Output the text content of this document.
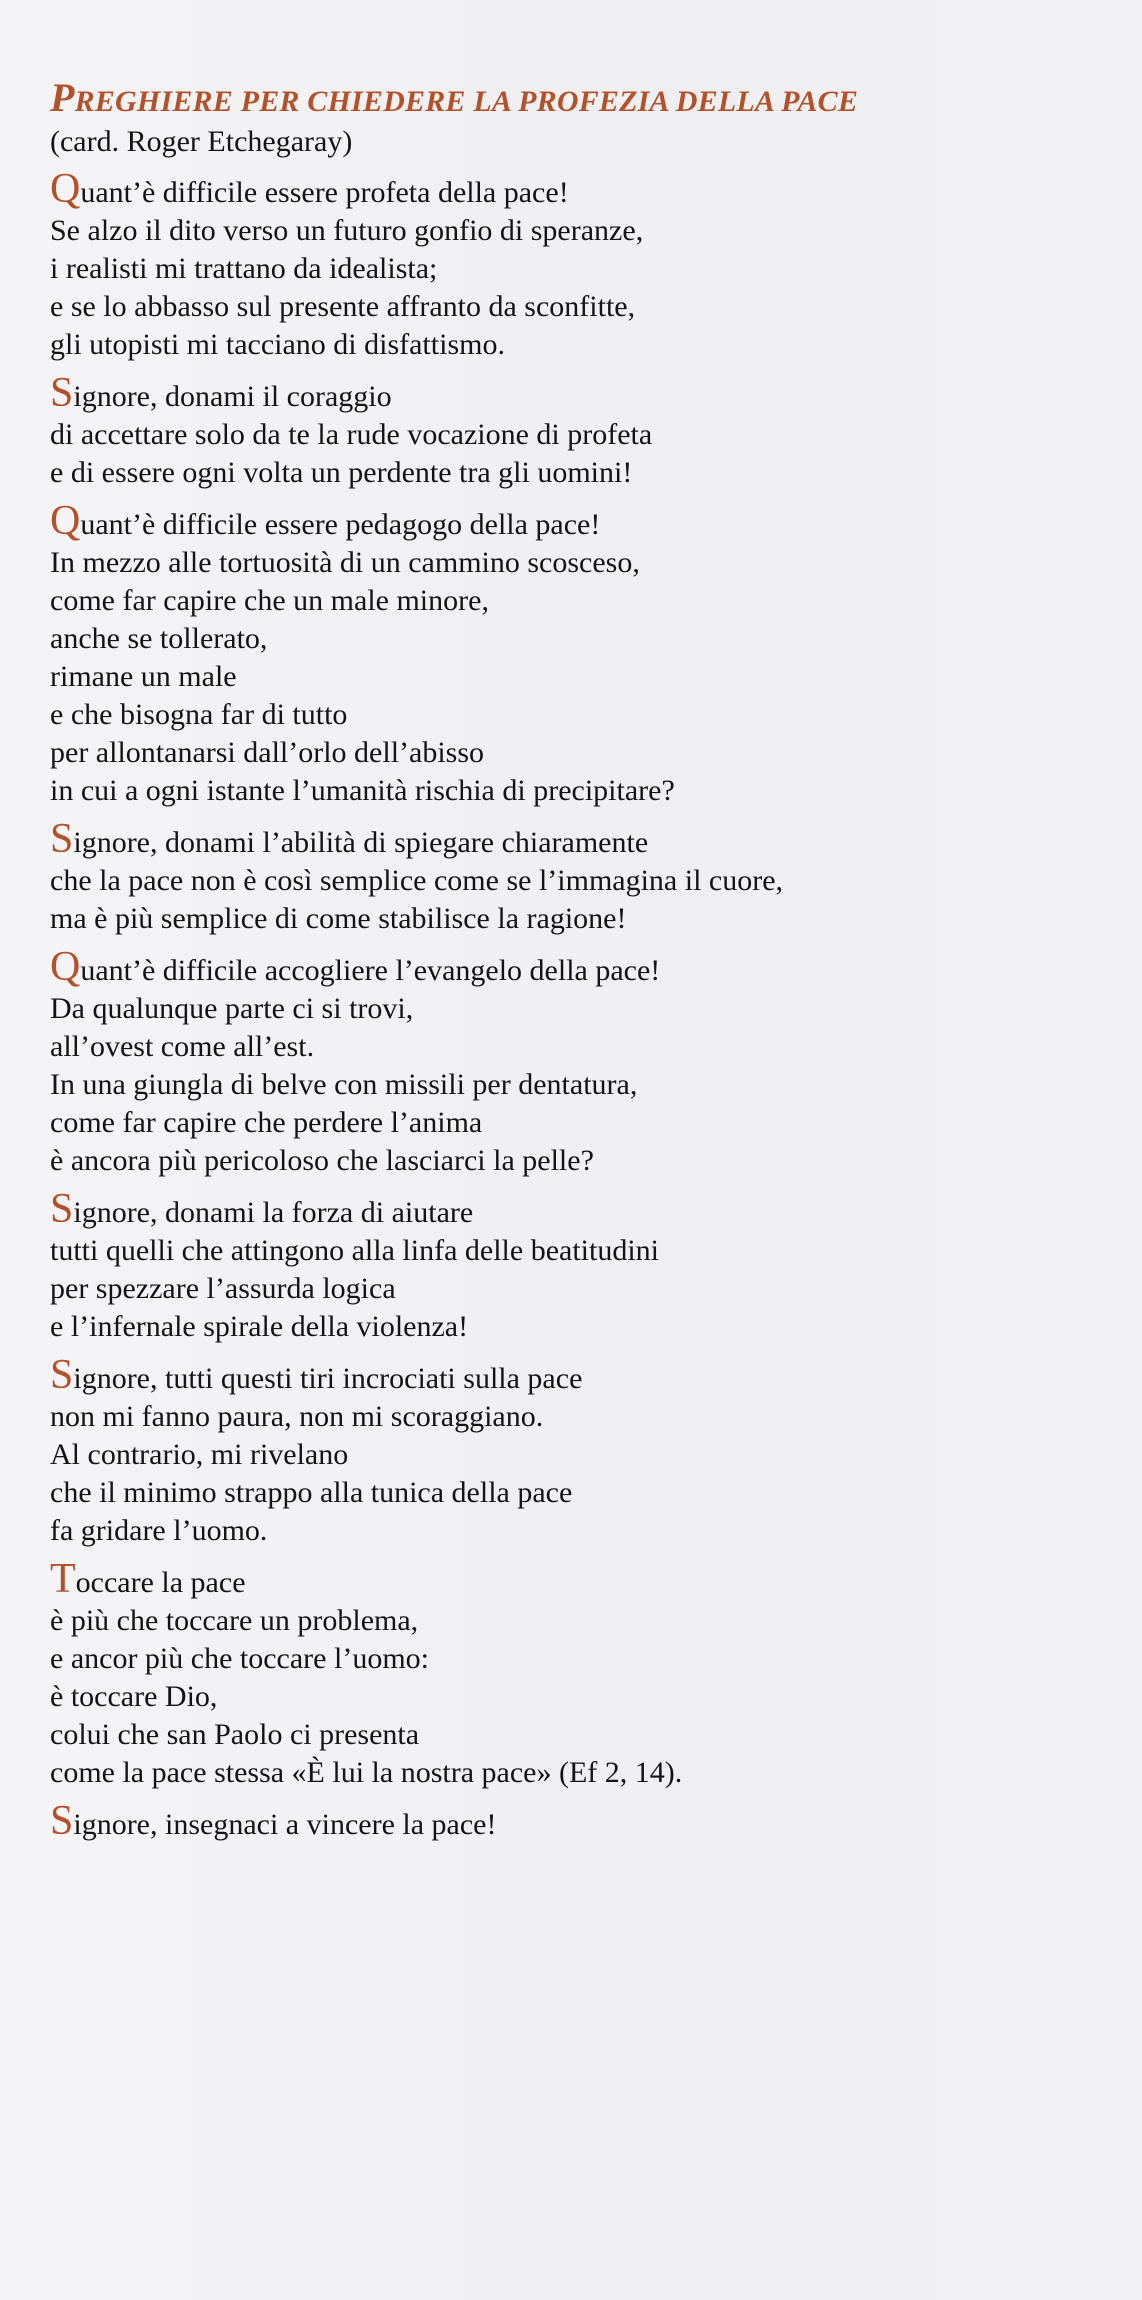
PREGHIERE PER CHIEDERE LA PROFEZIA DELLA PACE
(card. Roger Etchegaray)
Quant’è difficile essere profeta della pace!
Se alzo il dito verso un futuro gonfio di speranze,
i realisti mi trattano da idealista;
e se lo abbasso sul presente affranto da sconfitte,
gli utopisti mi tacciano di disfattismo.
Signore, donami il coraggio
di accettare solo da te la rude vocazione di profeta
e di essere ogni volta un perdente tra gli uomini!
Quant’è difficile essere pedagogo della pace!
In mezzo alle tortuosità di un cammino scosceso,
come far capire che un male minore,
anche se tollerato,
rimane un male
e che bisogna far di tutto
per allontanarsi dall’orlo dell’abisso
in cui a ogni istante l’umanità rischia di precipitare?
Signore, donami l’abilità di spiegare chiaramente
che la pace non è così semplice come se l’immagina il cuore,
ma è più semplice di come stabilisce la ragione!
Quant’è difficile accogliere l’evangelo della pace!
Da qualunque parte ci si trovi,
all’ovest come all’est.
In una giungla di belve con missili per dentatura,
come far capire che perdere l’anima
è ancora più pericoloso che lasciarci la pelle?
Signore, donami la forza di aiutare
tutti quelli che attingono alla linfa delle beatitudini
per spezzare l’assurda logica
e l’infernale spirale della violenza!
Signore, tutti questi tiri incrociati sulla pace
non mi fanno paura, non mi scoraggiano.
Al contrario, mi rivelano
che il minimo strappo alla tunica della pace
fa gridare l’uomo.
Toccare la pace
è più che toccare un problema,
e ancor più che toccare l’uomo:
è toccare Dio,
colui che san Paolo ci presenta
come la pace stessa «È lui la nostra pace» (Ef 2, 14).
Signore, insegnaci a vincere la pace!
